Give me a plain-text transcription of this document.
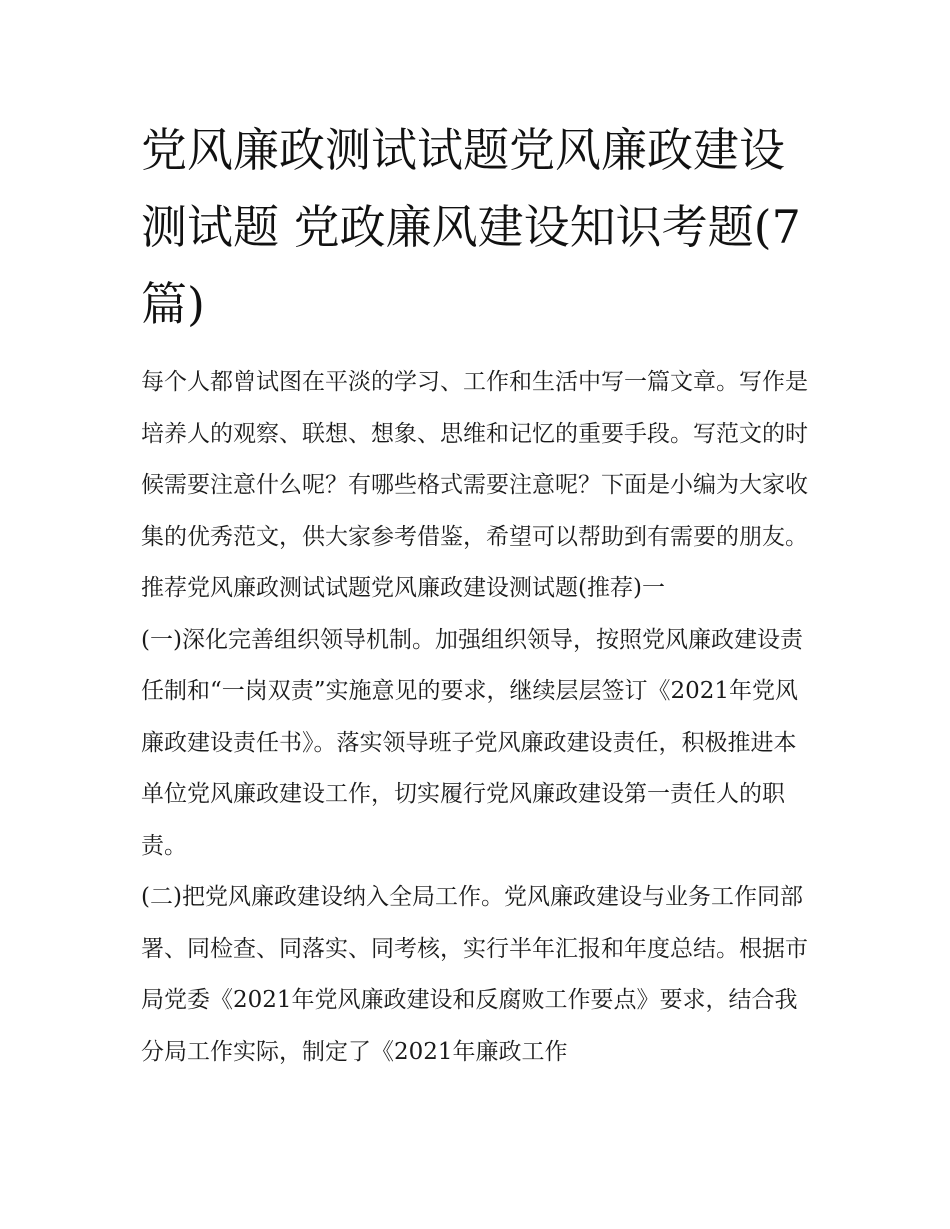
党风廉政测试试题党风廉政建设测试题 党政廉风建设知识考题(7篇)

每个人都曾试图在平淡的学习、工作和生活中写一篇文章。写作是培养人的观察、联想、想象、思维和记忆的重要手段。写范文的时候需要注意什么呢？有哪些格式需要注意呢？下面是小编为大家收集的优秀范文，供大家参考借鉴，希望可以帮助到有需要的朋友。

推荐党风廉政测试试题党风廉政建设测试题(推荐)一

(一)深化完善组织领导机制。加强组织领导，按照党风廉政建设责任制和“一岗双责”实施意见的要求，继续层层签订《2021年党风廉政建设责任书》。落实领导班子党风廉政建设责任，积极推进本单位党风廉政建设工作，切实履行党风廉政建设第一责任人的职责。

(二)把党风廉政建设纳入全局工作。党风廉政建设与业务工作同部署、同检查、同落实、同考核，实行半年汇报和年度总结。根据市局党委《2021年党风廉政建设和反腐败工作要点》要求，结合我分局工作实际，制定了《2021年廉政工作
